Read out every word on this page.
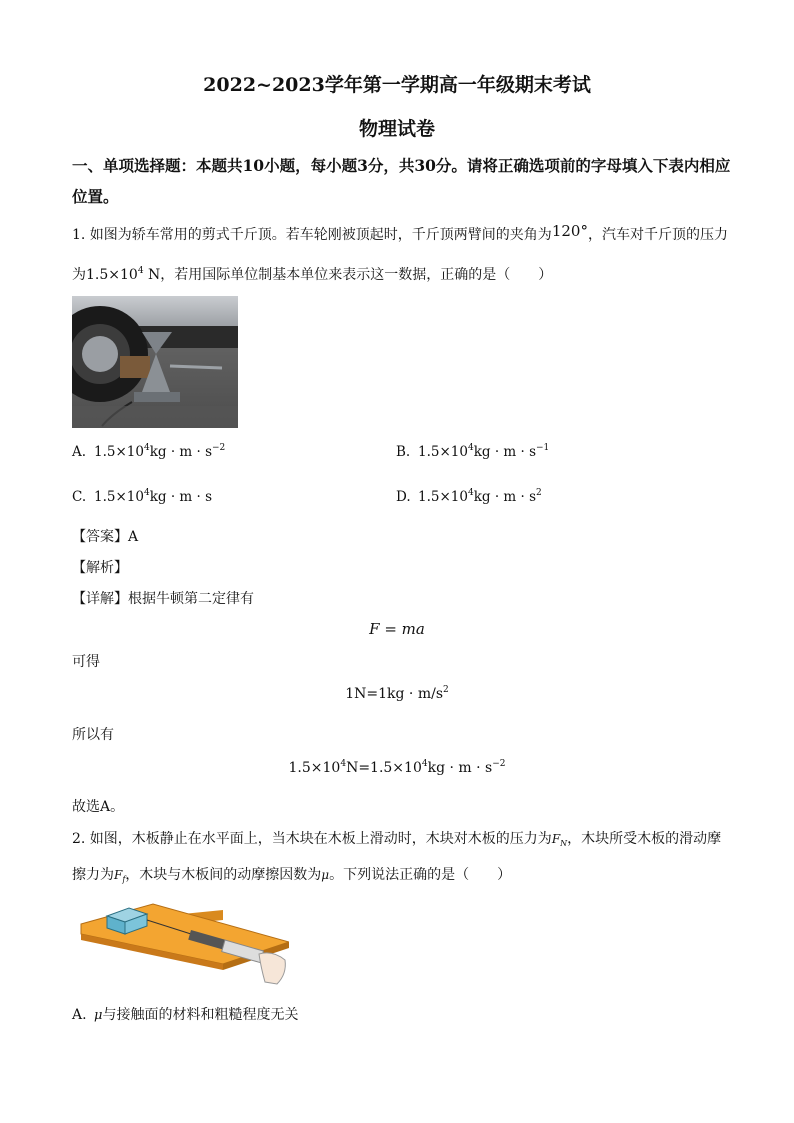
2022~2023学年第一学期高一年级期末考试
物理试卷
一、单项选择题：本题共10小题，每小题3分，共30分。请将正确选项前的字母填入下表内相应位置。
1. 如图为轿车常用的剪式千斤顶。若车轮刚被顶起时，千斤顶两臂间的夹角为120°，汽车对千斤顶的压力
为$1.5\times 10^4$ N，若用国际单位制基本单位来表示这一数据，正确的是（　　）
A. $1.5\times 10^4kg \cdot m \cdot s^{-2}$	B. $1.5\times 10^4kg \cdot m \cdot s^{-1}$
C. $1.5\times 10^4kg \cdot m \cdot s$	D. $1.5\times 10^4kg \cdot m \cdot s^2$
【答案】A
【解析】
【详解】根据牛顿第二定律有
F = ma
可得
$1N=1kg \cdot m/s^2$
所以有
$1.5\times 10^4N=1.5\times 10^4kg \cdot m \cdot s^{-2}$
故选A。
2. 如图，木板静止在水平面上，当木块在木板上滑动时，木块对木板的压力为$F_N$，木块所受木板的滑动摩
擦力为$F_f$，木块与木板间的动摩擦因数为μ。下列说法正确的是（　　）
A. μ与接触面的材料和粗糙程度无关
